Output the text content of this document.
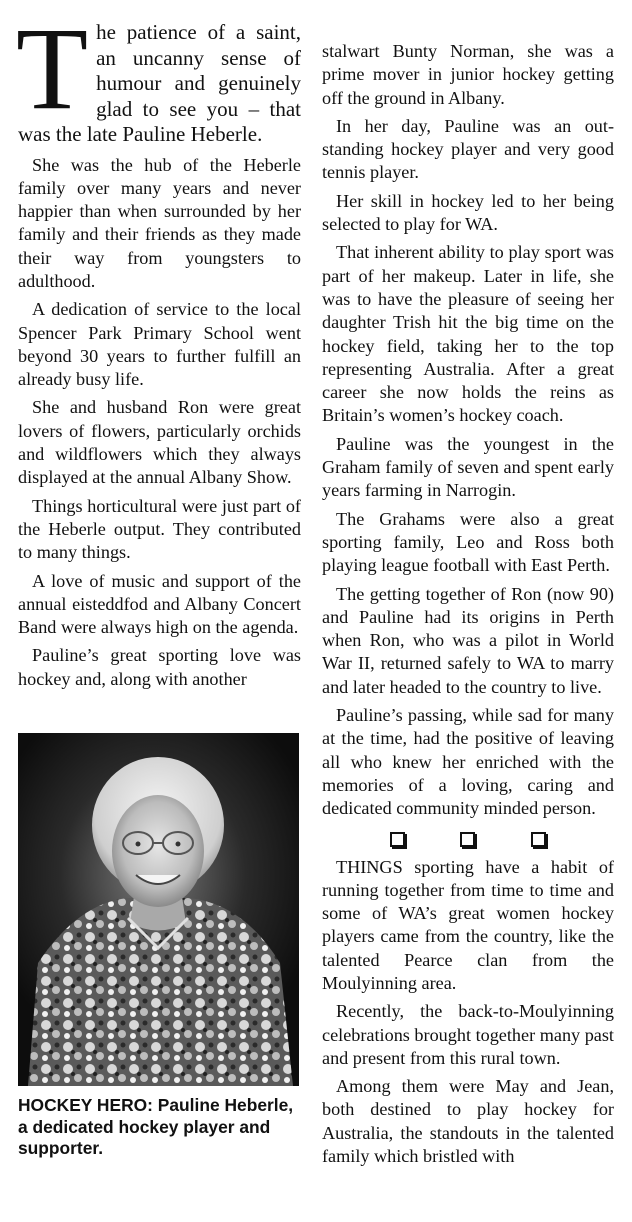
The patience of a saint, an uncanny sense of humour and genuinely glad to see you – that was the late Pauline Heberle.

She was the hub of the Heberle family over many years and never happier than when surrounded by her family and their friends as they made their way from youngsters to adulthood.

A dedication of service to the local Spencer Park Primary School went beyond 30 years to further fulfill an already busy life.

She and husband Ron were great lovers of flowers, particularly orchids and wildflowers which they always displayed at the annual Albany Show.

Things horticultural were just part of the Heberle output. They contributed to many things.

A love of music and support of the annual eisteddfod and Albany Concert Band were always high on the agenda.

Pauline’s great sporting love was hockey and, along with another

HOCKEY HERO: Pauline Heberle, a dedicated hockey player and supporter.

stalwart Bunty Norman, she was a prime mover in junior hockey getting off the ground in Albany.

In her day, Pauline was an outstanding hockey player and very good tennis player.

Her skill in hockey led to her being selected to play for WA.

That inherent ability to play sport was part of her makeup. Later in life, she was to have the pleasure of seeing her daughter Trish hit the big time on the hockey field, taking her to the top representing Australia. After a great career she now holds the reins as Britain’s women’s hockey coach.

Pauline was the youngest in the Graham family of seven and spent early years farming in Narrogin.

The Grahams were also a great sporting family, Leo and Ross both playing league football with East Perth.

The getting together of Ron (now 90) and Pauline had its origins in Perth when Ron, who was a pilot in World War II, returned safely to WA to marry and later headed to the country to live.

Pauline’s passing, while sad for many at the time, had the positive of leaving all who knew her enriched with the memories of a loving, caring and dedicated community minded person.

THINGS sporting have a habit of running together from time to time and some of WA’s great women hockey players came from the country, like the talented Pearce clan from the Moulyinning area.

Recently, the back-to-Moulyinning celebrations brought together many past and present from this rural town.

Among them were May and Jean, both destined to play hockey for Australia, the standouts in the talented family which bristled with
